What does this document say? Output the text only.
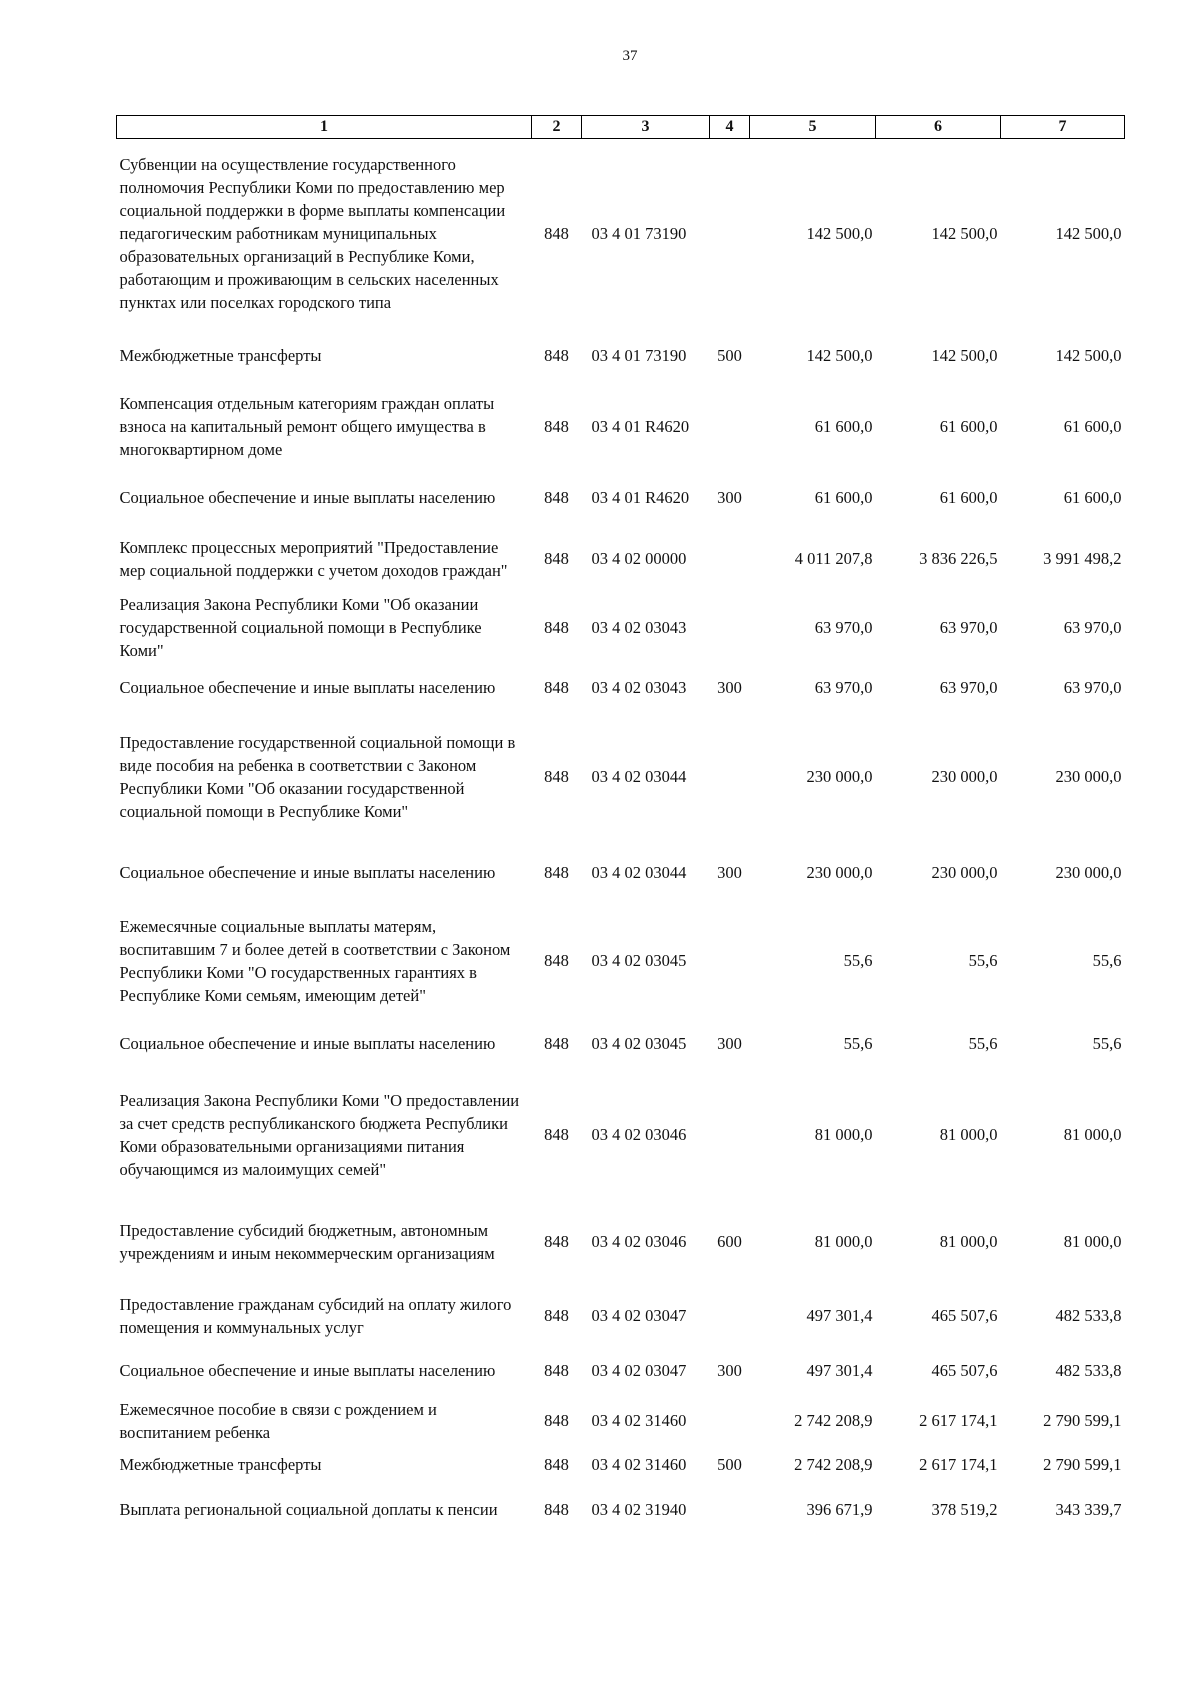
37
1	2	3	4	5	6	7
Субвенции на осуществление государственного полномочия Республики Коми по предоставлению мер социальной поддержки в форме выплаты компенсации педагогическим работникам муниципальных образовательных организаций в Республике Коми, работающим и проживающим в сельских населенных пунктах или поселках городского типа	848	03 4 01 73190		142 500,0	142 500,0	142 500,0
Межбюджетные трансферты	848	03 4 01 73190	500	142 500,0	142 500,0	142 500,0
Компенсация отдельным категориям граждан оплаты взноса на капитальный ремонт общего имущества в многоквартирном доме	848	03 4 01 R4620		61 600,0	61 600,0	61 600,0
Социальное обеспечение и иные выплаты населению	848	03 4 01 R4620	300	61 600,0	61 600,0	61 600,0
Комплекс процессных мероприятий "Предоставление мер социальной поддержки с учетом доходов граждан"	848	03 4 02 00000		4 011 207,8	3 836 226,5	3 991 498,2
Реализация Закона Республики Коми "Об оказании государственной социальной помощи в Республике Коми"	848	03 4 02 03043		63 970,0	63 970,0	63 970,0
Социальное обеспечение и иные выплаты населению	848	03 4 02 03043	300	63 970,0	63 970,0	63 970,0
Предоставление государственной социальной помощи в виде пособия на ребенка в соответствии с Законом Республики Коми "Об оказании государственной социальной помощи в Республике Коми"	848	03 4 02 03044		230 000,0	230 000,0	230 000,0
Социальное обеспечение и иные выплаты населению	848	03 4 02 03044	300	230 000,0	230 000,0	230 000,0
Ежемесячные социальные выплаты матерям, воспитавшим 7 и более детей в соответствии с Законом Республики Коми "О государственных гарантиях в Республике Коми семьям, имеющим детей"	848	03 4 02 03045		55,6	55,6	55,6
Социальное обеспечение и иные выплаты населению	848	03 4 02 03045	300	55,6	55,6	55,6
Реализация Закона Республики Коми "О предоставлении за счет средств республиканского бюджета Республики Коми образовательными организациями питания обучающимся из малоимущих семей"	848	03 4 02 03046		81 000,0	81 000,0	81 000,0
Предоставление субсидий бюджетным, автономным учреждениям и иным некоммерческим организациям	848	03 4 02 03046	600	81 000,0	81 000,0	81 000,0
Предоставление гражданам субсидий на оплату жилого помещения и коммунальных услуг	848	03 4 02 03047		497 301,4	465 507,6	482 533,8
Социальное обеспечение и иные выплаты населению	848	03 4 02 03047	300	497 301,4	465 507,6	482 533,8
Ежемесячное пособие в связи с рождением и воспитанием ребенка	848	03 4 02 31460		2 742 208,9	2 617 174,1	2 790 599,1
Межбюджетные трансферты	848	03 4 02 31460	500	2 742 208,9	2 617 174,1	2 790 599,1
Выплата региональной социальной доплаты к пенсии	848	03 4 02 31940		396 671,9	378 519,2	343 339,7
